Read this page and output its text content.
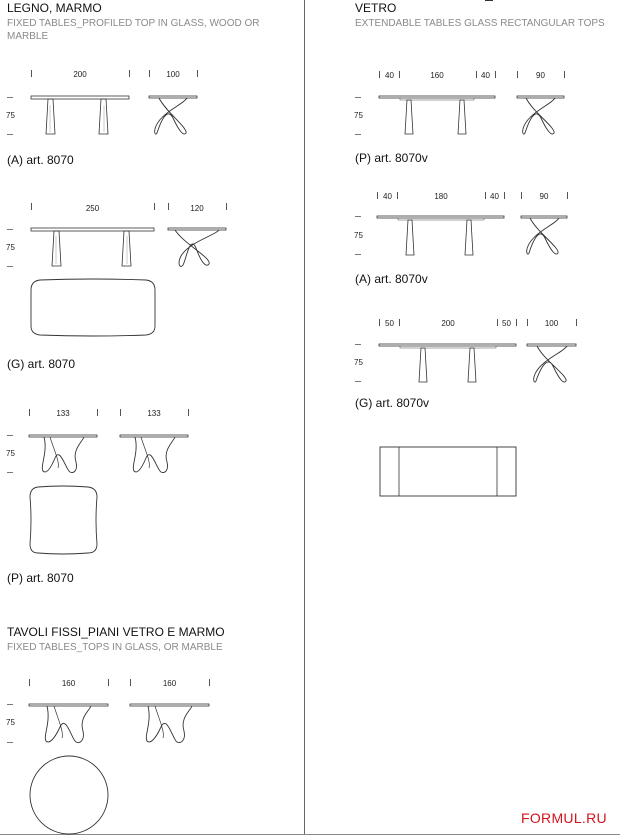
LEGNO, MARMO
FIXED TABLES_PROFILED TOP IN GLASS, WOOD OR
MARBLE
VETRO
EXTENDABLE TABLES GLASS RECTANGULAR TOPS
200	100
75
(A) art. 8070
250	120
75
(G) art. 8070
133	133
75
(P) art. 8070
TAVOLI FISSI_PIANI VETRO E MARMO
FIXED TABLES_TOPS IN GLASS, OR MARBLE
160	160
75
40	160	40	90
75
(P) art. 8070v
40	180	40	90
75
(A) art. 8070v
50	200	50	100
75
(G) art. 8070v
FORMUL.RU
